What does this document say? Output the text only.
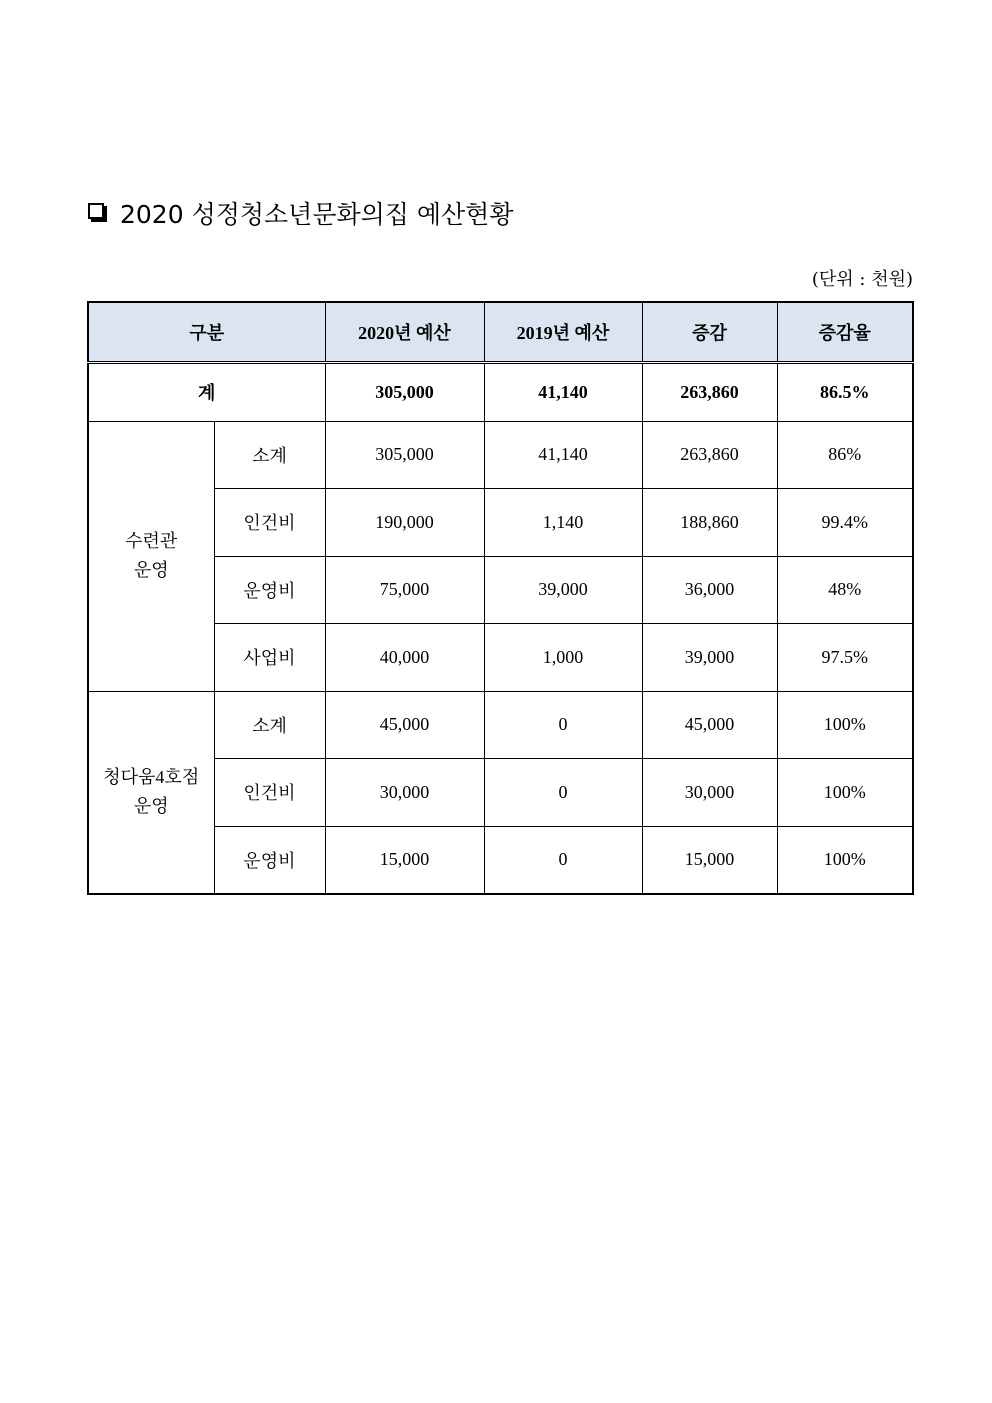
2020 성정청소년문화의집 예산현황
(단위 : 천원)
구분		2020년 예산	2019년 예산	증감	증감율
계		305,000	41,140	263,860	86.5%

수련관
운영	소계	305,000	41,140	263,860	86%
	인건비	190,000	1,140	188,860	99.4%
	운영비	75,000	39,000	36,000	48%
	사업비	40,000	1,000	39,000	97.5%

청다움4호점
운영	소계	45,000	0	45,000	100%
	인건비	30,000	0	30,000	100%
	운영비	15,000	0	15,000	100%
